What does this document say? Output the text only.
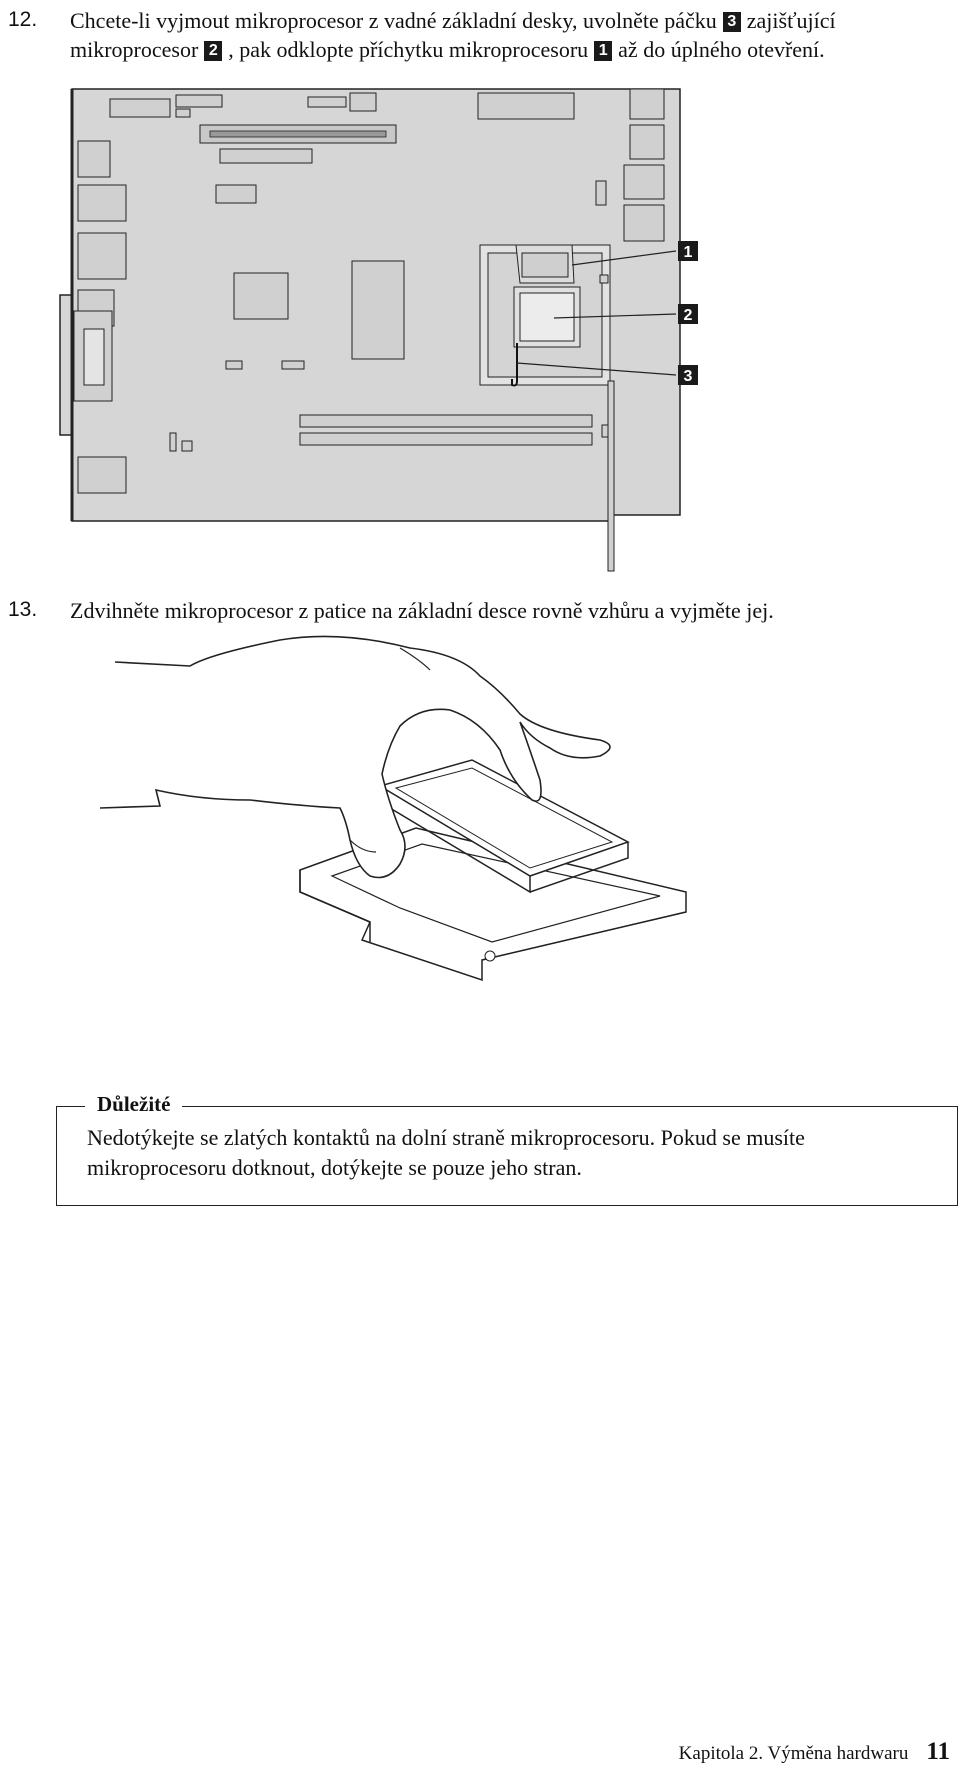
12. Chcete-li vyjmout mikroprocesor z vadné základní desky, uvolněte páčku 3 zajišťující
mikroprocesor 2 , pak odklopte příchytku mikroprocesoru 1 až do úplného otevření.
1
2
3
13. Zdvihněte mikroprocesor z patice na základní desce rovně vzhůru a vyjměte jej.
Důležité
Nedotýkejte se zlatých kontaktů na dolní straně mikroprocesoru. Pokud se musíte mikroprocesoru dotknout, dotýkejte se pouze jeho stran.
Kapitola 2. Výměna hardwaru 11
